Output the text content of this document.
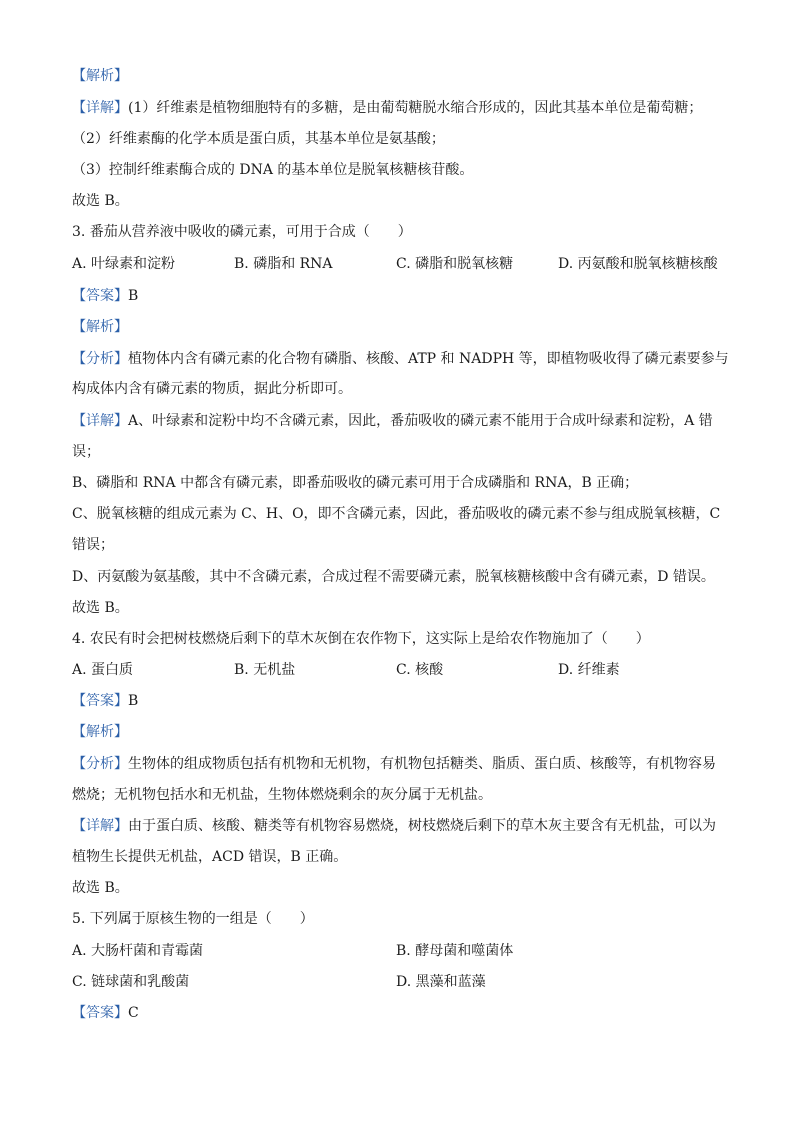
【解析】
【详解】(1）纤维素是植物细胞特有的多糖，是由葡萄糖脱水缩合形成的，因此其基本单位是葡萄糖；
（2）纤维素酶的化学本质是蛋白质，其基本单位是氨基酸；
（3）控制纤维素酶合成的 DNA 的基本单位是脱氧核糖核苷酸。
故选 B。
3. 番茄从营养液中吸收的磷元素，可用于合成（　　）
【答案】B
【解析】
【分析】植物体内含有磷元素的化合物有磷脂、核酸、ATP 和 NADPH 等，即植物吸收得了磷元素要参与
构成体内含有磷元素的物质，据此分析即可。
【详解】A、叶绿素和淀粉中均不含磷元素，因此，番茄吸收的磷元素不能用于合成叶绿素和淀粉，A 错
误；
B、磷脂和 RNA 中都含有磷元素，即番茄吸收的磷元素可用于合成磷脂和 RNA，B 正确；
C、脱氧核糖的组成元素为 C、H、O，即不含磷元素，因此，番茄吸收的磷元素不参与组成脱氧核糖，C
错误；
D、丙氨酸为氨基酸，其中不含磷元素，合成过程不需要磷元素，脱氧核糖核酸中含有磷元素，D 错误。
故选 B。
4. 农民有时会把树枝燃烧后剩下的草木灰倒在农作物下，这实际上是给农作物施加了（　　）
【答案】B
【解析】
【分析】生物体的组成物质包括有机物和无机物，有机物包括糖类、脂质、蛋白质、核酸等，有机物容易
燃烧；无机物包括水和无机盐，生物体燃烧剩余的灰分属于无机盐。
【详解】由于蛋白质、核酸、糖类等有机物容易燃烧，树枝燃烧后剩下的草木灰主要含有无机盐，可以为
植物生长提供无机盐，ACD 错误，B 正确。
故选 B。
5. 下列属于原核生物的一组是（　　）
【答案】C
A. 叶绿素和淀粉	B. 磷脂和 RNA	C. 磷脂和脱氧核糖	D. 丙氨酸和脱氧核糖核酸
A. 蛋白质	B. 无机盐	C. 核酸	D. 纤维素
A. 大肠杆菌和青霉菌	B. 酵母菌和噬菌体
C. 链球菌和乳酸菌	D. 黑藻和蓝藻
